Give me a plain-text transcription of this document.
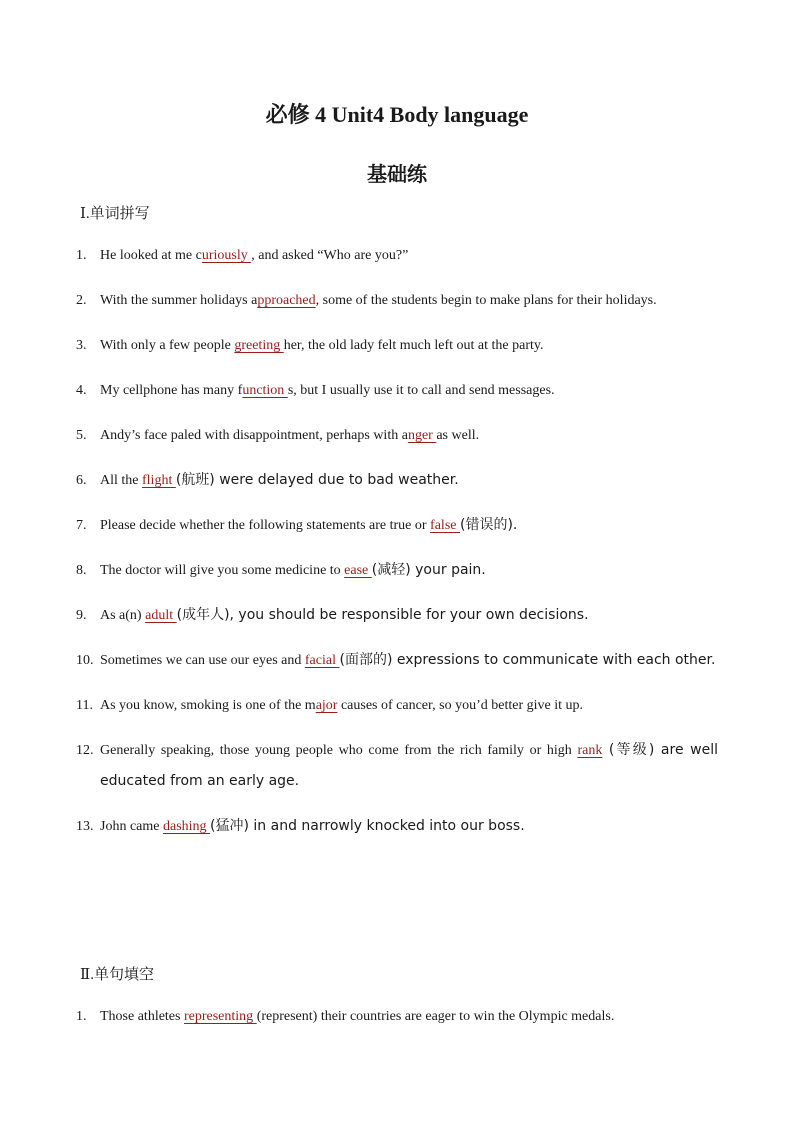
必修 4 Unit4 Body language
基础练
Ⅰ.单词拼写
1. He looked at me curiously , and asked “Who are you?”
2. With the summer holidays approached, some of the students begin to make plans for their holidays.
3. With only a few people greeting her, the old lady felt much left out at the party.
4. My cellphone has many function s, but I usually use it to call and send messages.
5. Andy’s face paled with disappointment, perhaps with anger as well.
6. All the flight (航班) were delayed due to bad weather.
7. Please decide whether the following statements are true or false (错误的).
8. The doctor will give you some medicine to ease (减轻) your pain.
9. As a(n) adult (成年人), you should be responsible for your own decisions.
10. Sometimes we can use our eyes and facial (面部的) expressions to communicate with each other.
11. As you know, smoking is one of the major causes of cancer, so you’d better give it up.
12. Generally speaking, those young people who come from the rich family or high rank (等级) are well educated from an early age.
13. John came dashing (猛冲) in and narrowly knocked into our boss.
Ⅱ.单句填空
1. Those athletes representing (represent) their countries are eager to win the Olympic medals.
